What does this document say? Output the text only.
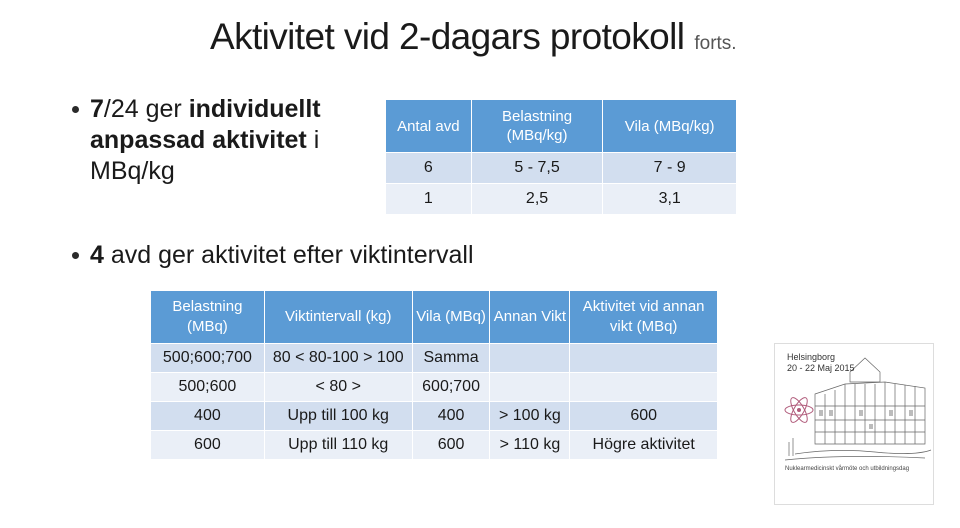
Aktivitet vid 2-dagars protokoll forts.
7/24 ger individuellt anpassad aktivitet i MBq/kg
4 avd ger aktivitet efter viktintervall
Antal avd	Belastning (MBq/kg)	Vila (MBq/kg)
6	5 - 7,5	7 - 9
1	2,5	3,1
Belastning (MBq)	Viktintervall (kg)	Vila (MBq)	Annan Vikt	Aktivitet vid annan vikt (MBq)
500;600;700	80 < 80-100 > 100	Samma		
500;600	< 80 >	600;700		
400	Upp till 100 kg	400	> 100 kg	600
600	Upp till 110 kg	600	> 110 kg	Högre aktivitet
Helsingborg
20 - 22 Maj 2015
Nuklearmedicinskt vårmöte och utbildningsdag
